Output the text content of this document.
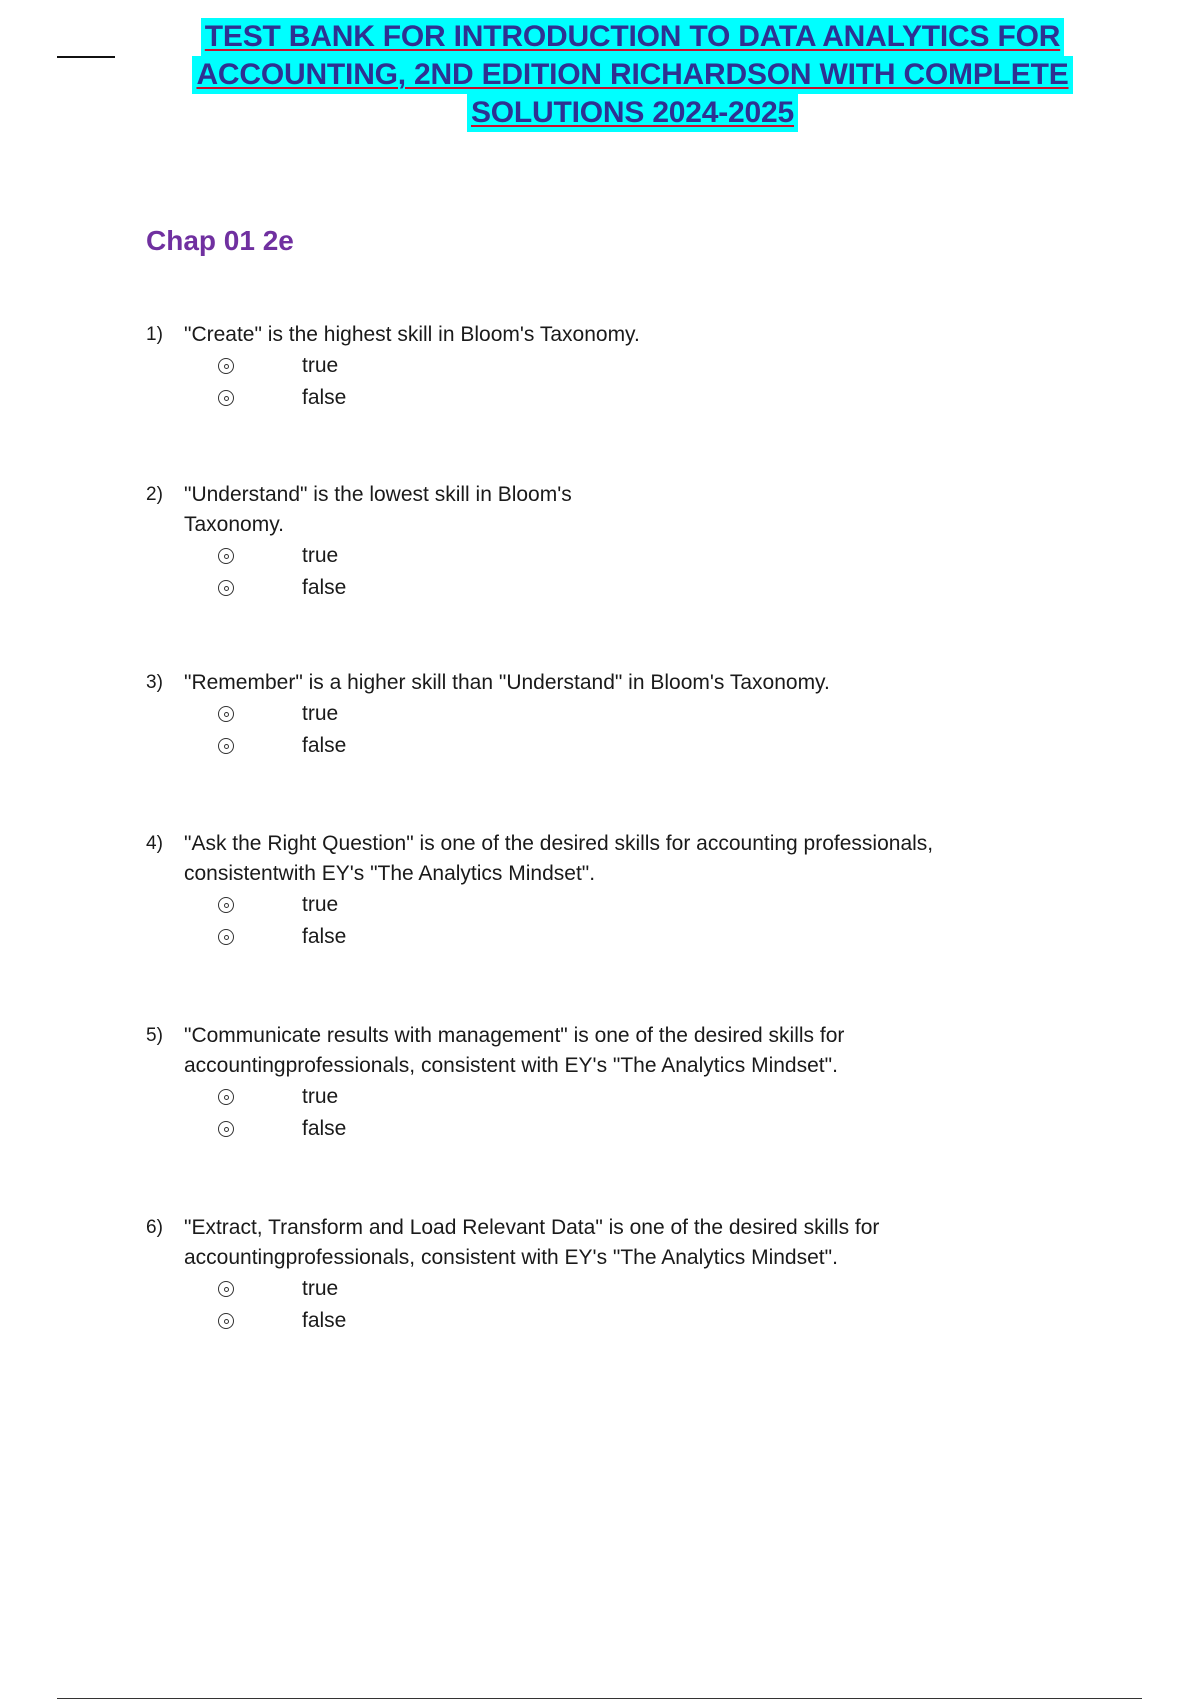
TEST BANK FOR INTRODUCTION TO DATA ANALYTICS FOR
ACCOUNTING, 2ND EDITION RICHARDSON WITH COMPLETE
SOLUTIONS 2024-2025
Chap 01 2e
1)	"Create" is the highest skill in Bloom's Taxonomy.
true
false
2)	"Understand" is the lowest skill in Bloom's
Taxonomy.
true
false
3)	"Remember" is a higher skill than "Understand" in Bloom's Taxonomy.
true
false
4)	"Ask the Right Question" is one of the desired skills for accounting professionals,
consistentwith EY's "The Analytics Mindset".
true
false
5)	"Communicate results with management" is one of the desired skills for
accountingprofessionals, consistent with EY's "The Analytics Mindset".
true
false
6)	"Extract, Transform and Load Relevant Data" is one of the desired skills for
accountingprofessionals, consistent with EY's "The Analytics Mindset".
true
false
